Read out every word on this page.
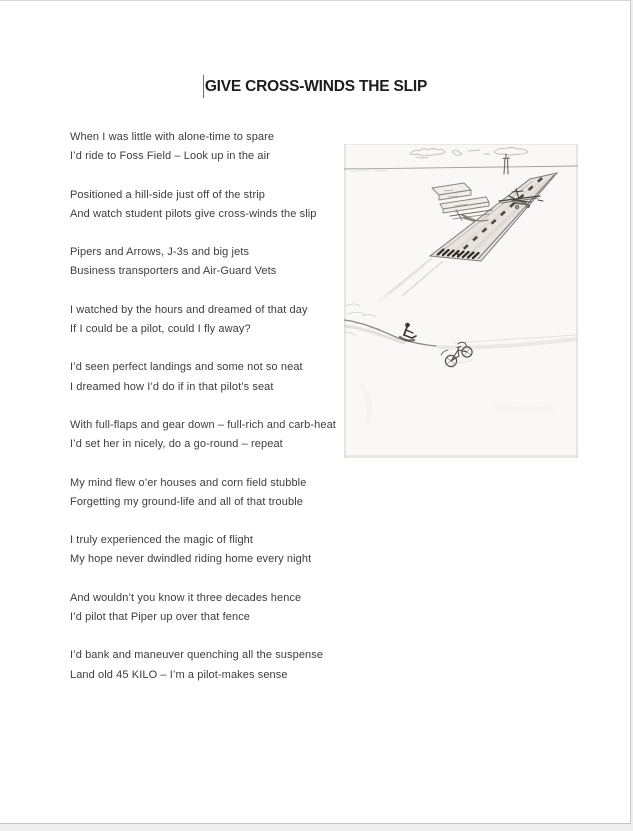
GIVE CROSS-WINDS THE SLIP

When I was little with alone-time to spare

I’d ride to Foss Field – Look up in the air

Positioned a hill-side just off of the strip

And watch student pilots give cross-winds the slip

Pipers and Arrows, J-3s and big jets

Business transporters and Air-Guard Vets

I watched by the hours and dreamed of that day

If I could be a pilot, could I fly away?

I’d seen perfect landings and some not so neat

I dreamed how I’d do if in that pilot’s seat

With full-flaps and gear down – full-rich and carb-heat

I’d set her in nicely, do a go-round – repeat

My mind flew o’er houses and corn field stubble

Forgetting my ground-life and all of that trouble

I truly experienced the magic of flight

My hope never dwindled riding home every night

And wouldn’t you know it three decades hence

I’d pilot that Piper up over that fence

I’d bank and maneuver quenching all the suspense

Land old 45 KILO – I’m a pilot-makes sense
